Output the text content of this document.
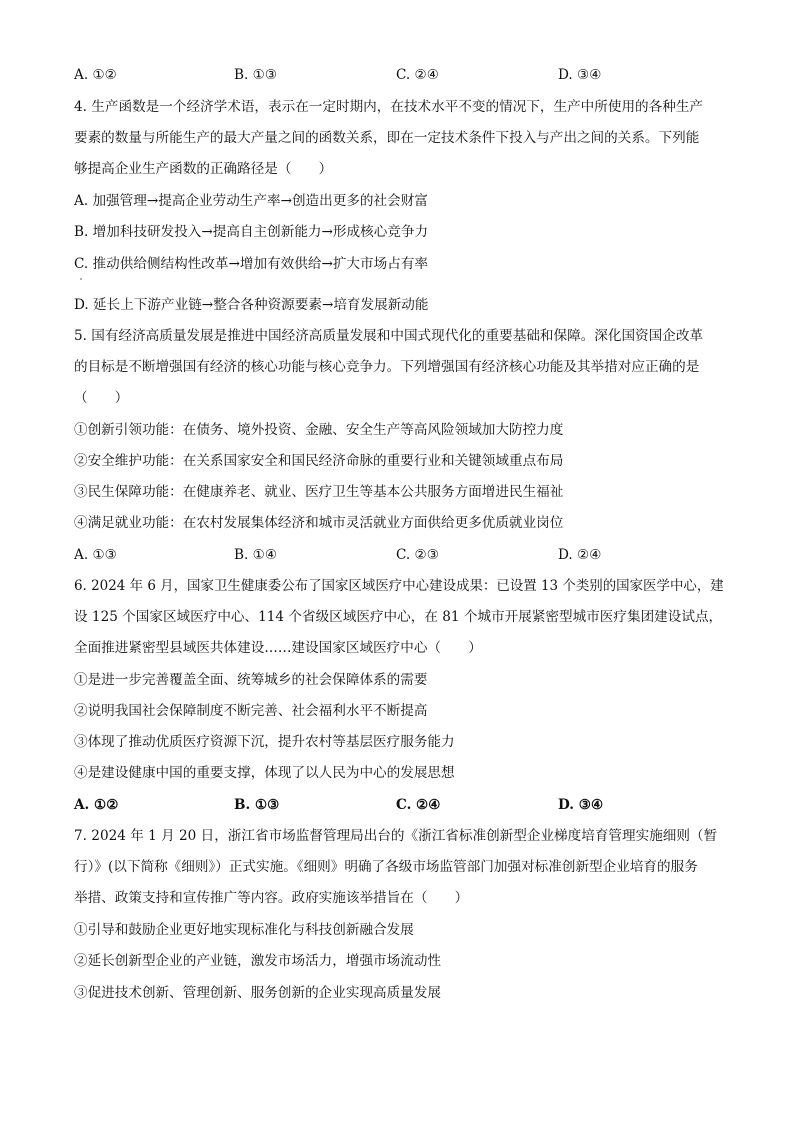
A. ①②	B. ①③	C. ②④	D. ③④
4. 生产函数是一个经济学术语，表示在一定时期内，在技术水平不变的情况下，生产中所使用的各种生产
要素的数量与所能生产的最大产量之间的函数关系，即在一定技术条件下投入与产出之间的关系。下列能
够提高企业生产函数的正确路径是（　　）
A. 加强管理→提高企业劳动生产率→创造出更多的社会财富
B. 增加科技研发投入→提高自主创新能力→形成核心竞争力
C. 推动供给侧结构性改革→增加有效供给→扩大市场占有率
D. 延长上下游产业链→整合各种资源要素→培育发展新动能
5. 国有经济高质量发展是推进中国经济高质量发展和中国式现代化的重要基础和保障。深化国资国企改革
的目标是不断增强国有经济的核心功能与核心竞争力。下列增强国有经济核心功能及其举措对应正确的是
（　　）
①创新引领功能：在债务、境外投资、金融、安全生产等高风险领域加大防控力度
②安全维护功能：在关系国家安全和国民经济命脉的重要行业和关键领域重点布局
③民生保障功能：在健康养老、就业、医疗卫生等基本公共服务方面增进民生福祉
④满足就业功能：在农村发展集体经济和城市灵活就业方面供给更多优质就业岗位
A. ①③	B. ①④	C. ②③	D. ②④
6. 2024 年 6 月，国家卫生健康委公布了国家区域医疗中心建设成果：已设置 13 个类别的国家医学中心，建
设 125 个国家区域医疗中心、114 个省级区域医疗中心，在 81 个城市开展紧密型城市医疗集团建设试点，
全面推进紧密型县域医共体建设……建设国家区域医疗中心（　　）
①是进一步完善覆盖全面、统筹城乡的社会保障体系的需要
②说明我国社会保障制度不断完善、社会福利水平不断提高
③体现了推动优质医疗资源下沉，提升农村等基层医疗服务能力
④是建设健康中国的重要支撑，体现了以人民为中心的发展思想
A. ①②	B. ①③	C. ②④	D. ③④
7. 2024 年 1 月 20 日，浙江省市场监督管理局出台的《浙江省标准创新型企业梯度培育管理实施细则（暂
行）》(以下简称《细则》）正式实施。《细则》明确了各级市场监管部门加强对标准创新型企业培育的服务
举措、政策支持和宣传推广等内容。政府实施该举措旨在（　　）
①引导和鼓励企业更好地实现标准化与科技创新融合发展
②延长创新型企业的产业链，激发市场活力，增强市场流动性
③促进技术创新、管理创新、服务创新的企业实现高质量发展
